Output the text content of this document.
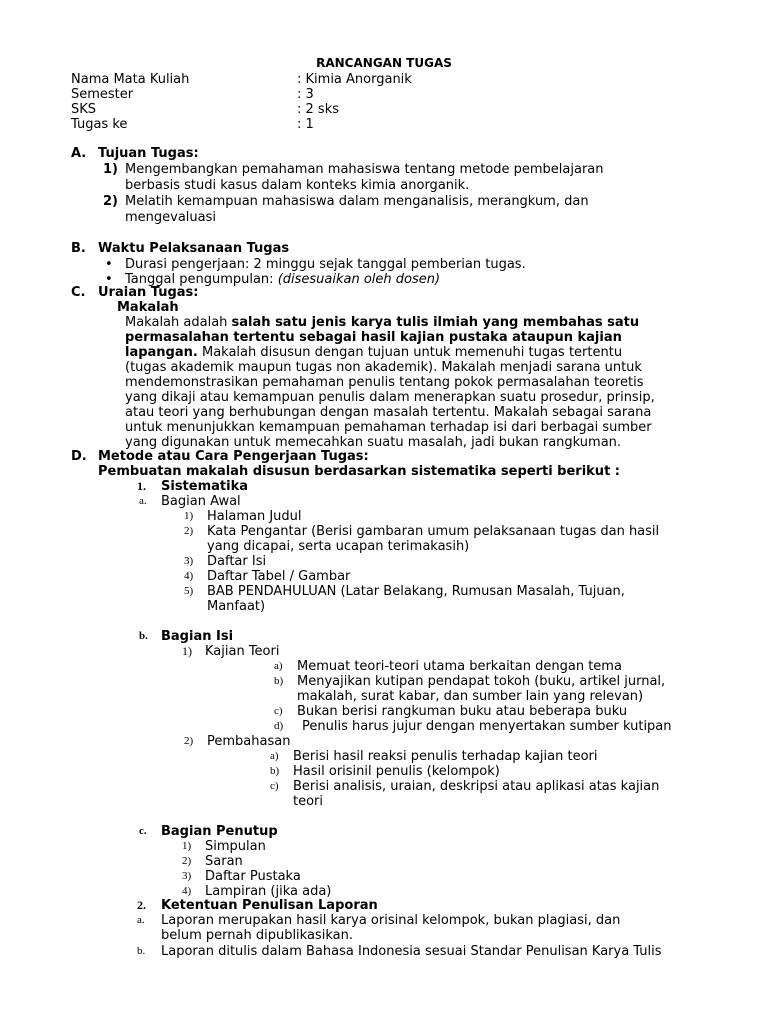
RANCANGAN TUGAS
Nama Mata Kuliah	: Kimia Anorganik
Semester	: 3
SKS	: 2 sks
Tugas ke	: 1
A. Tujuan Tugas:
1) Mengembangkan pemahaman mahasiswa tentang metode pembelajaran
berbasis studi kasus dalam konteks kimia anorganik.
2) Melatih kemampuan mahasiswa dalam menganalisis, merangkum, dan
mengevaluasi
B. Waktu Pelaksanaan Tugas
• Durasi pengerjaan: 2 minggu sejak tanggal pemberian tugas.
• Tanggal pengumpulan: (disesuaikan oleh dosen)
C. Uraian Tugas:
Makalah
Makalah adalah salah satu jenis karya tulis ilmiah yang membahas satu
permasalahan tertentu sebagai hasil kajian pustaka ataupun kajian
lapangan. Makalah disusun dengan tujuan untuk memenuhi tugas tertentu
(tugas akademik maupun tugas non akademik). Makalah menjadi sarana untuk
mendemonstrasikan pemahaman penulis tentang pokok permasalahan teoretis
yang dikaji atau kemampuan penulis dalam menerapkan suatu prosedur, prinsip,
atau teori yang berhubungan dengan masalah tertentu. Makalah sebagai sarana
untuk menunjukkan kemampuan pemahaman terhadap isi dari berbagai sumber
yang digunakan untuk memecahkan suatu masalah, jadi bukan rangkuman.
D. Metode atau Cara Pengerjaan Tugas:
Pembuatan makalah disusun berdasarkan sistematika seperti berikut :
1. Sistematika
a. Bagian Awal
1) Halaman Judul
2) Kata Pengantar (Berisi gambaran umum pelaksanaan tugas dan hasil
yang dicapai, serta ucapan terimakasih)
3) Daftar Isi
4) Daftar Tabel / Gambar
5) BAB PENDAHULUAN (Latar Belakang, Rumusan Masalah, Tujuan,
Manfaat)
b. Bagian Isi
1) Kajian Teori
a) Memuat teori-teori utama berkaitan dengan tema
b) Menyajikan kutipan pendapat tokoh (buku, artikel jurnal,
makalah, surat kabar, dan sumber lain yang relevan)
c) Bukan berisi rangkuman buku atau beberapa buku
d) Penulis harus jujur dengan menyertakan sumber kutipan
2) Pembahasan
a) Berisi hasil reaksi penulis terhadap kajian teori
b) Hasil orisinil penulis (kelompok)
c) Berisi analisis, uraian, deskripsi atau aplikasi atas kajian
teori
c. Bagian Penutup
1) Simpulan
2) Saran
3) Daftar Pustaka
4) Lampiran (jika ada)
2. Ketentuan Penulisan Laporan
a. Laporan merupakan hasil karya orisinal kelompok, bukan plagiasi, dan
belum pernah dipublikasikan.
b. Laporan ditulis dalam Bahasa Indonesia sesuai Standar Penulisan Karya Tulis
